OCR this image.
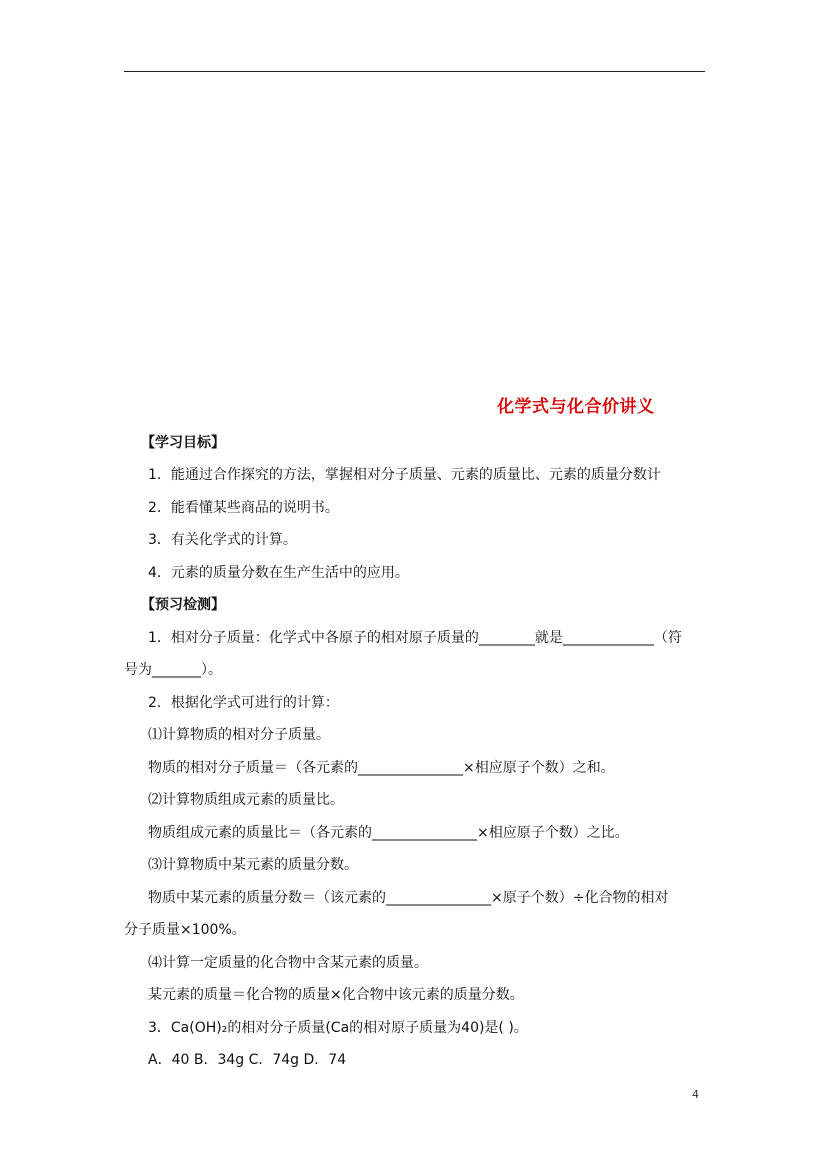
化学式与化合价讲义
【学习目标】
1．能通过合作探究的方法，掌握相对分子质量、元素的质量比、元素的质量分数计
2．能看懂某些商品的说明书。
3．有关化学式的计算。
4．元素的质量分数在生产生活中的应用。
【预习检测】
1．相对分子质量：化学式中各原子的相对原子质量的________就是_____________（符
号为_______）。
2．根据化学式可进行的计算：
⑴计算物质的相对分子质量。
物质的相对分子质量＝（各元素的_______________×相应原子个数）之和。
⑵计算物质组成元素的质量比。
物质组成元素的质量比＝（各元素的_______________×相应原子个数）之比。
⑶计算物质中某元素的质量分数。
物质中某元素的质量分数＝（该元素的_______________×原子个数）÷化合物的相对
分子质量×100%。
⑷计算一定质量的化合物中含某元素的质量。
某元素的质量＝化合物的质量×化合物中该元素的质量分数。
3．Ca(OH)₂的相对分子质量(Ca的相对原子质量为40)是( )。
A．40 B．34g C．74g D．74
4
